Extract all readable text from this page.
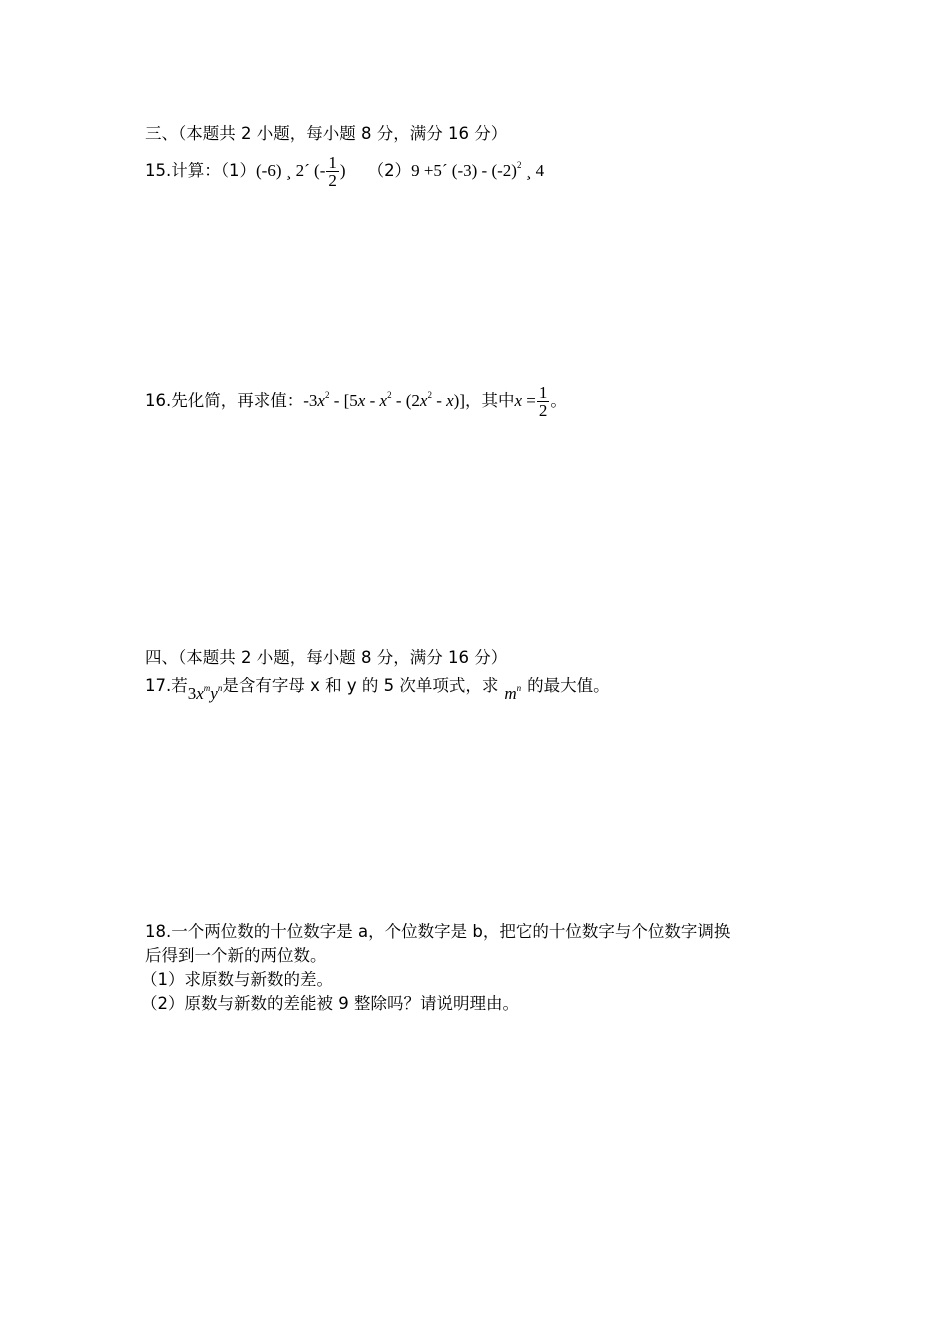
三、（本题共 2 小题，每小题 8 分，满分 16 分）
15.计算：（1）(-6) ¸ 2´ (- $\frac{1}{2}$ ) （2）9 +5´ $(-3) - (-2)^2$ ¸ 4
16.先化简，再求值：$-3x^2 - [5x - x^2 - (2x^2 - x)]$，其中$x = \frac{1}{2}$ 。
四、（本题共 2 小题，每小题 8 分，满分 16 分）
17.若$3x^my^n$是含有字母 x 和 y 的 5 次单项式，求 $m^n$ 的最大值。
18.一个两位数的十位数字是 a，个位数字是 b，把它的十位数字与个位数字调换
后得到一个新的两位数。
（1）求原数与新数的差。
（2）原数与新数的差能被 9 整除吗？请说明理由。
